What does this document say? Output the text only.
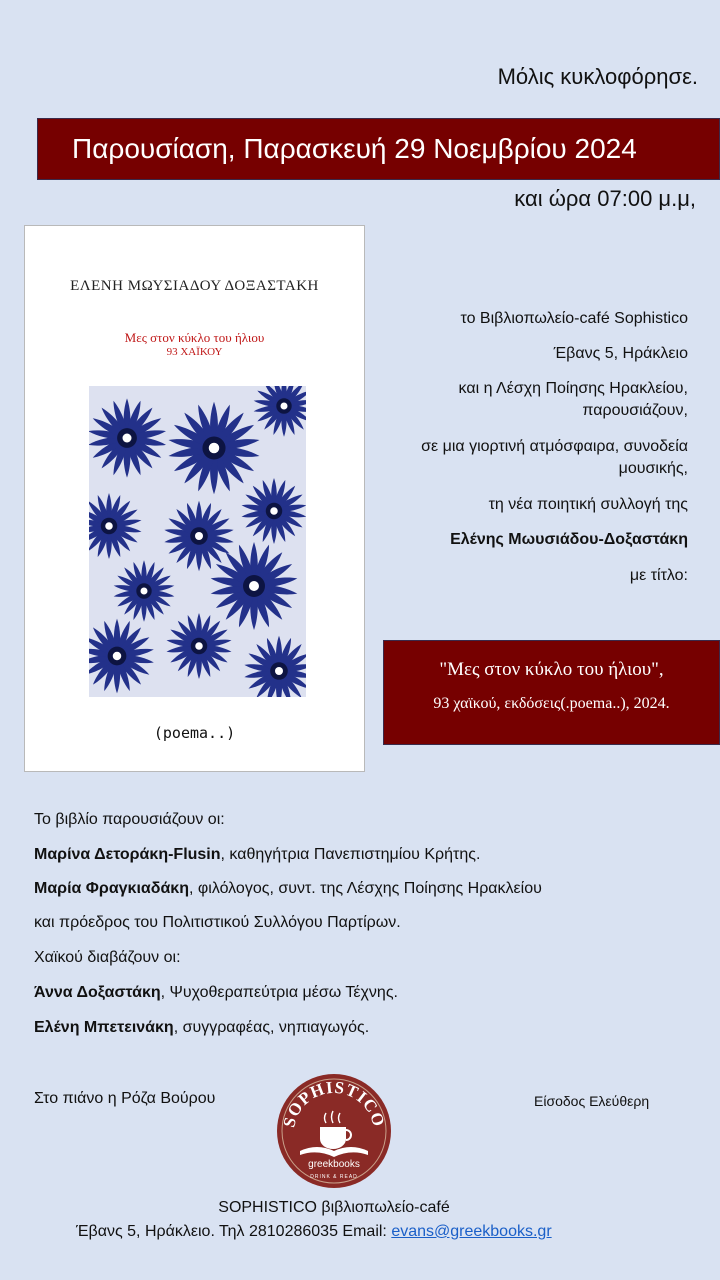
Μόλις κυκλοφόρησε.
Παρουσίαση, Παρασκευή 29 Νοεμβρίου 2024
και ώρα 07:00 μ.μ,
ΕΛΕΝΗ ΜΩΥΣΙΑΔΟΥ ΔΟΞΑΣΤΑΚΗ
Μες στον κύκλο του ήλιου
93 ΧΑΪΚΟΥ
(poema..)
το Βιβλιοπωλείο-café Sophistico
Έβανς 5, Ηράκλειο
και η Λέσχη Ποίησης Ηρακλείου,
παρουσιάζουν,
σε μια γιορτινή ατμόσφαιρα, συνοδεία
μουσικής,
τη νέα ποιητική συλλογή της
Ελένης Μωυσιάδου-Δοξαστάκη
με τίτλο:
"Μες στον κύκλο του ήλιου",
93 χαϊκού, εκδόσεις(.poema..), 2024.
Το βιβλίο παρουσιάζουν οι:
Μαρίνα Δετοράκη-Flusin, καθηγήτρια Πανεπιστημίου Κρήτης.
Μαρία Φραγκιαδάκη, φιλόλογος, συντ. της Λέσχης Ποίησης Ηρακλείου
και πρόεδρος του Πολιτιστικού Συλλόγου Παρτίρων.
Χαϊκού διαβάζουν οι:
Άννα Δοξαστάκη, Ψυχοθεραπεύτρια μέσω Τέχνης.
Ελένη Μπετεινάκη, συγγραφέας, νηπιαγωγός.
Στο πιάνο η Ρόζα Βούρου	Είσοδος Ελεύθερη
SOPHISTICO
greekbooks
DRINK & READ
SOPHISTICO βιβλιοπωλείο-café
Έβανς 5, Ηράκλειο. Τηλ 2810286035 Email: evans@greekbooks.gr
